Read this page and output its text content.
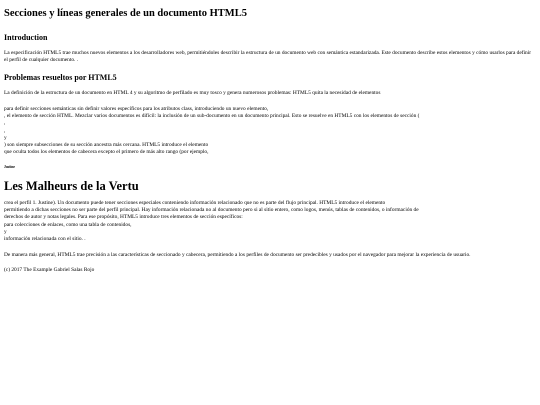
Secciones y líneas generales de un documento HTML5
Introduction

La especificación HTML5 trae muchos nuevos elementos a los desarrolladores web, permitiéndoles describir la estructura de un documento web con semántica estandarizada. Este documento describe estos elementos y cómo usarlos para definir el perfil de cualquier documento. .

Problemas resueltos por HTML5

La definición de la estructura de un documento en HTML 4 y su algoritmo de perfilado es muy tosco y genera numerosos problemas: HTML5 quita la necesidad de elementos

para definir secciones semánticas sin definir valores específicos para los atributos class, introduciendo un nuevo elemento,
, el elemento de sección HTML. Mezclar varios documentos es difícil: la inclusión de un sub-documento en un documento principal. Esto se resuelve en HTML5 con los elementos de sección (
,
,
y
) son siempre subsecciones de su sección ancestra más cercana. HTML5 introduce el elemento
que oculta todos los elementos de cabecera excepto el primero de más alto rango (por ejemplo,
Justine
Les Malheurs de la Vertu
crea el perfil 1. Justine). Un documento puede tener secciones especiales conteniendo información relacionado que no es parte del flujo principal. HTML5 introduce el elemento
permitiendo a dichas secciones no ser parte del perfil principal. Hay información relacionada no al documento pero si al sitio entero, como logos, menús, tablas de contenidos, o información de
derechos de autor y notas legales. Para ese propósito, HTML5 introduce tres elementos de sección específicos:
para colecciones de enlaces, como una tabla de contenidos,
y
información relacionada con el sitio. .

De manera más general, HTML5 trae precisión a las características de seccionado y cabecera, permitiendo a los perfiles de documento ser predecibles y usados por el navegador para mejorar la experiencia de usuario.

(c) 2017 The Example Gabriel Salas Rojo
